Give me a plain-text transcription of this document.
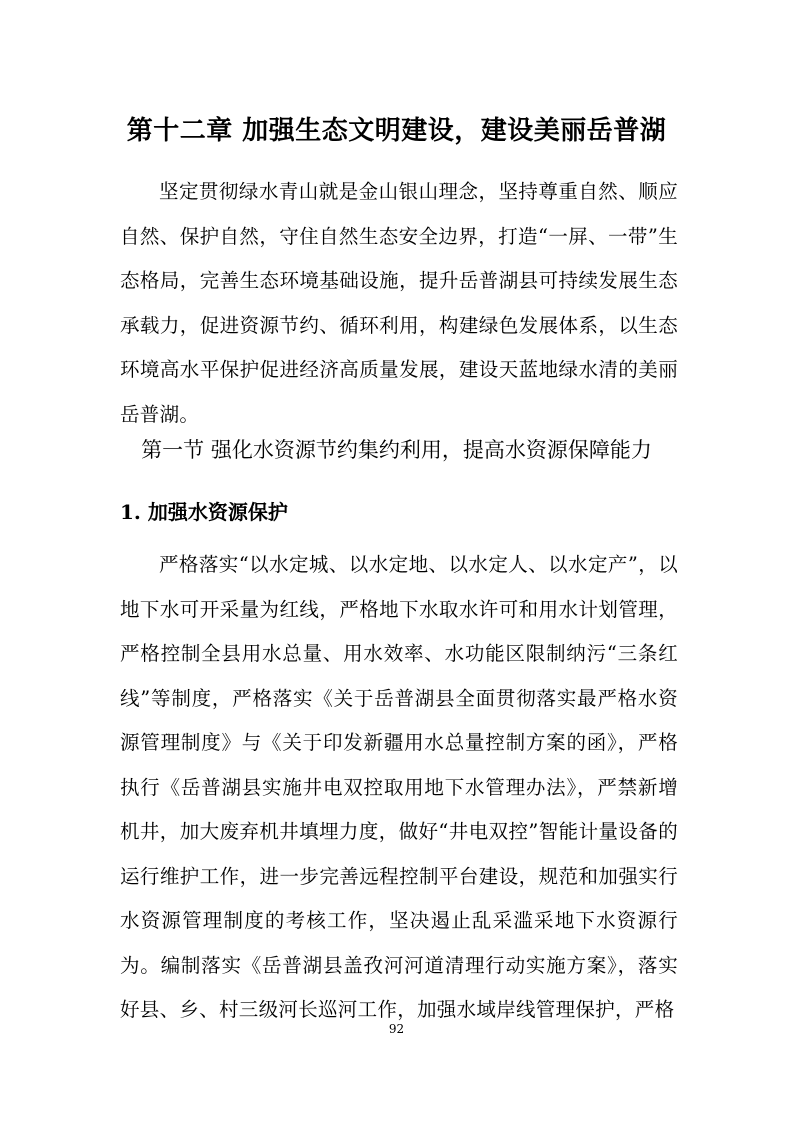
第十二章 加强生态文明建设，建设美丽岳普湖

坚定贯彻绿水青山就是金山银山理念，坚持尊重自然、顺应自然、保护自然，守住自然生态安全边界，打造“一屏、一带”生态格局，完善生态环境基础设施，提升岳普湖县可持续发展生态承载力，促进资源节约、循环利用，构建绿色发展体系，以生态环境高水平保护促进经济高质量发展，建设天蓝地绿水清的美丽岳普湖。

第一节 强化水资源节约集约利用，提高水资源保障能力
1. 加强水资源保护

严格落实“以水定城、以水定地、以水定人、以水定产”，以地下水可开采量为红线，严格地下水取水许可和用水计划管理，严格控制全县用水总量、用水效率、水功能区限制纳污“三条红线”等制度，严格落实《关于岳普湖县全面贯彻落实最严格水资源管理制度》与《关于印发新疆用水总量控制方案的函》，严格执行《岳普湖县实施井电双控取用地下水管理办法》，严禁新增机井，加大废弃机井填埋力度，做好“井电双控”智能计量设备的运行维护工作，进一步完善远程控制平台建设，规范和加强实行水资源管理制度的考核工作，坚决遏止乱采滥采地下水资源行为。编制落实《岳普湖县盖孜河河道清理行动实施方案》，落实好县、乡、村三级河长巡河工作，加强水域岸线管理保护，严格

92
